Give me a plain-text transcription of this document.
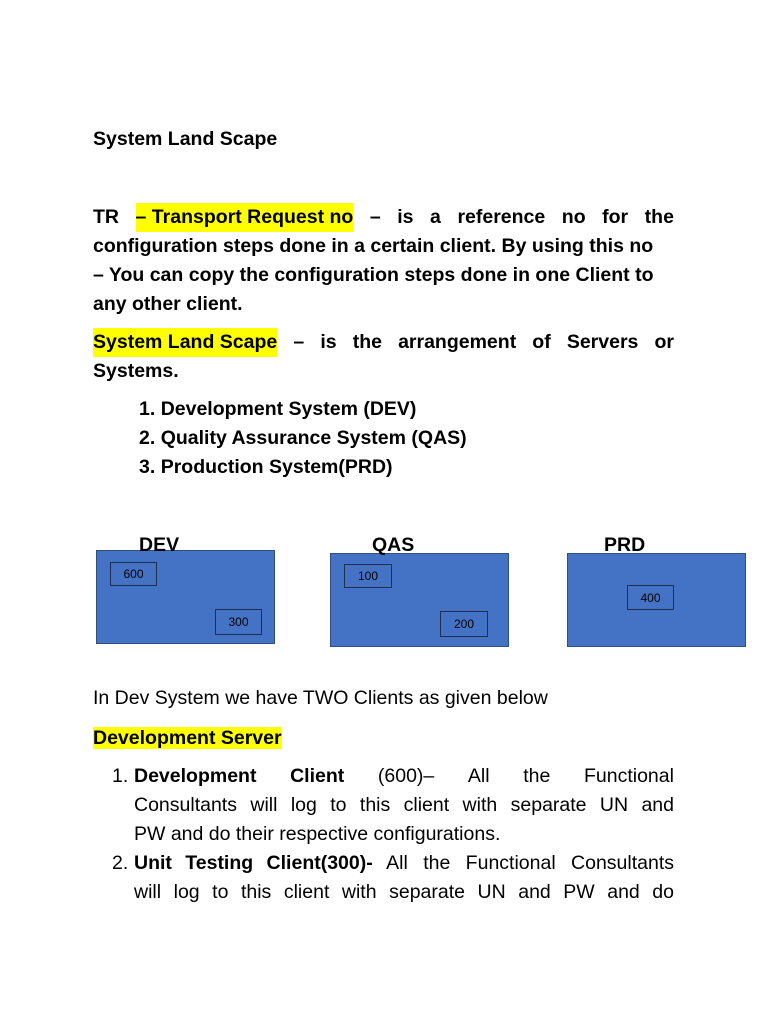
System Land Scape
TR – Transport Request no – is a reference no for the
configuration steps done in a certain client. By using this no
– You can copy the configuration steps done in one Client to
any other client.
System Land Scape – is the arrangement of Servers or
Systems.
1. Development System (DEV)
2. Quality Assurance System (QAS)
3. Production System(PRD)
DEV
600
300
QAS
100
200
PRD
400
In Dev System we have TWO Clients as given below
Development Server
1. Development Client (600)– All the Functional
Consultants will log to this client with separate UN and
PW and do their respective configurations.
2. Unit Testing Client(300)- All the Functional Consultants
will log to this client with separate UN and PW and do
